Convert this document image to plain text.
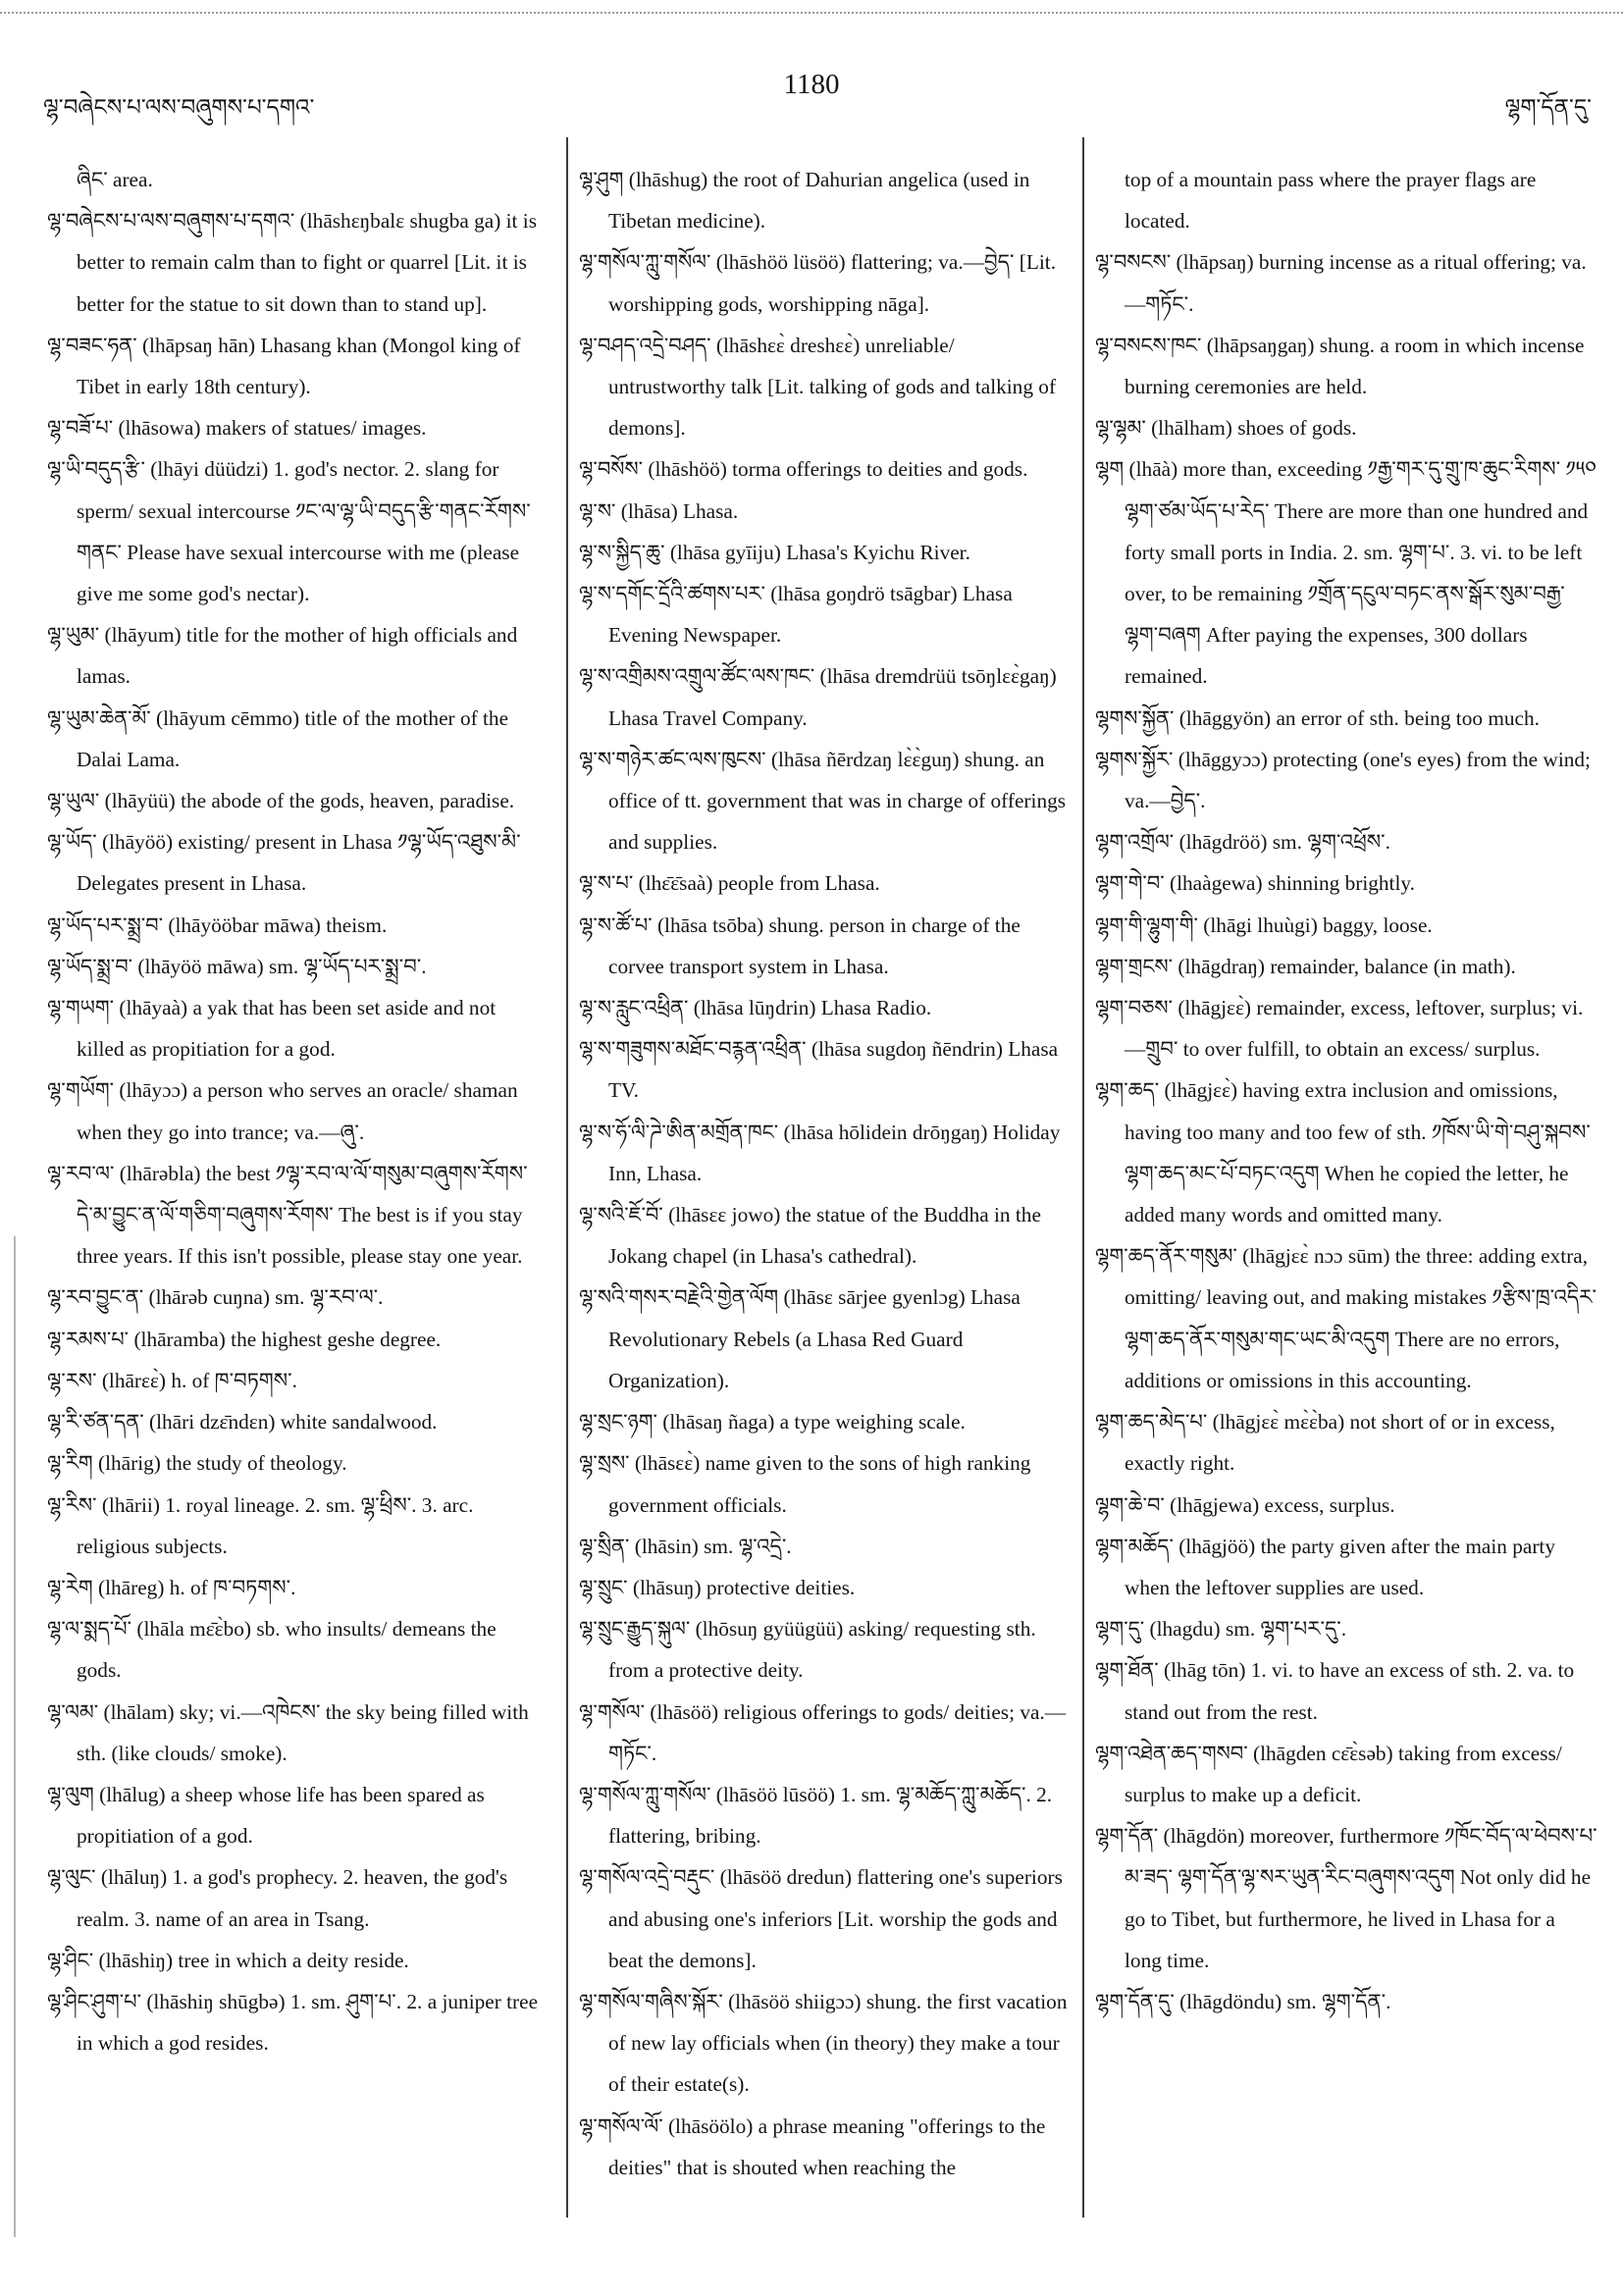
ལྷ་བཞེངས་པ་ལས་བཞུགས་པ་དགའ་
1180
ལྷག་དོན་དུ་

ཞིང་ area.

ལྷ་བཞེངས་པ་ལས་བཞུགས་པ་དགའ་ (lhāshɛŋbalɛ shugba ga) it is better to remain calm than to fight or quarrel [Lit. it is better for the statue to sit down than to stand up].

ལྷ་བཟང་ཧན་ (lhāpsaŋ hān) Lhasang khan (Mongol king of Tibet in early 18th century).

ལྷ་བཟོ་པ་ (lhāsowa) makers of statues/ images.

ལྷ་ཡི་བདུད་རྩི་ (lhāyi düüdzi) 1. god's nector. 2. slang for sperm/ sexual intercourse ༡ང་ལ་ལྷ་ཡི་བདུད་རྩི་གནང་རོགས་གནང་ Please have sexual intercourse with me (please give me some god's nectar).

ལྷ་ཡུམ་ (lhāyum) title for the mother of high officials and lamas.

ལྷ་ཡུམ་ཆེན་མོ་ (lhāyum cēmmo) title of the mother of the Dalai Lama.

ལྷ་ཡུལ་ (lhāyüü) the abode of the gods, heaven, paradise.

ལྷ་ཡོད་ (lhāyöö) existing/ present in Lhasa ༡ལྷ་ཡོད་འཐུས་མི་ Delegates present in Lhasa.

ལྷ་ཡོད་པར་སྨྲ་བ་ (lhāyööbar māwa) theism.

ལྷ་ཡོད་སྨྲ་བ་ (lhāyöö māwa) sm. ལྷ་ཡོད་པར་སྨྲ་བ་.

ལྷ་གཡག་ (lhāyaà) a yak that has been set aside and not killed as propitiation for a god.

ལྷ་གཡོག་ (lhāyɔɔ) a person who serves an oracle/ shaman when they go into trance; va.—ཞུ་.

ལྷ་རབ་ལ་ (lhārəbla) the best ༡ལྷ་རབ་ལ་ལོ་གསུམ་བཞུགས་རོགས་ དེ་མ་བྱུང་ན་ལོ་གཅིག་བཞུགས་རོགས་ The best is if you stay three years. If this isn't possible, please stay one year.

ལྷ་རབ་བྱུང་ན་ (lhārəb cuŋna) sm. ལྷ་རབ་ལ་.

ལྷ་རམས་པ་ (lhāramba) the highest geshe degree.

ལྷ་རས་ (lhārɛɛ̀) h. of ཁ་བཏགས་.

ལྷ་རི་ཙན་དན་ (lhāri dzɛ̄ndɛn) white sandalwood.

ལྷ་རིག (lhārig) the study of theology.

ལྷ་རིས་ (lhārii) 1. royal lineage. 2. sm. ལྷ་ཕྲིས་. 3. arc. religious subjects.

ལྷ་རེག (lhāreg) h. of ཁ་བཏགས་.

ལྷ་ལ་སྨད་པོ་ (lhāla mɛ̄ɛ̀bo) sb. who insults/ demeans the gods.

ལྷ་ལམ་ (lhālam) sky; vi.—འཁེངས་ the sky being filled with sth. (like clouds/ smoke).

ལྷ་ལུག (lhālug) a sheep whose life has been spared as propitiation of a god.

ལྷ་ལུང་ (lhāluŋ) 1. a god's prophecy. 2. heaven, the god's realm. 3. name of an area in Tsang.

ལྷ་ཤིང་ (lhāshiŋ) tree in which a deity reside.

ལྷ་ཤིང་ཤུག་པ་ (lhāshiŋ shūgbə) 1. sm. ཤུག་པ་. 2. a juniper tree in which a god resides.

ལྷ་ཤུག (lhāshug) the root of Dahurian angelica (used in Tibetan medicine).

ལྷ་གསོལ་ཀླུ་གསོལ་ (lhāshöö lüsöö) flattering; va.—བྱེད་ [Lit. worshipping gods, worshipping nāga].

ལྷ་བཤད་འདྲེ་བཤད་ (lhāshɛɛ̀ dreshɛɛ̀) unreliable/ untrustworthy talk [Lit. talking of gods and talking of demons].

ལྷ་བསོས་ (lhāshöö) torma offerings to deities and gods.

ལྷ་ས་ (lhāsa) Lhasa.

ལྷ་ས་སྐྱིད་ཆུ་ (lhāsa gyīiju) Lhasa's Kyichu River.

ལྷ་ས་དགོང་དྲོའི་ཚགས་པར་ (lhāsa goŋdrö tsāgbar) Lhasa Evening Newspaper.

ལྷ་ས་འགྲིམས་འགྲུལ་ཚོང་ལས་ཁང་ (lhāsa dremdrüü tsōŋlɛɛ̀gaŋ) Lhasa Travel Company.

ལྷ་ས་གཉེར་ཚང་ལས་ཁུངས་ (lhāsa ñērdzaŋ lɛ̀ɛ̀guŋ) shung. an office of tt. government that was in charge of offerings and supplies.

ལྷ་ས་པ་ (lhɛ̄ɛ̄saà) people from Lhasa.

ལྷ་ས་ཚོ་པ་ (lhāsa tsōba) shung. person in charge of the corvee transport system in Lhasa.

ལྷ་ས་རླུང་འཕྲིན་ (lhāsa lūŋdrin) Lhasa Radio.

ལྷ་ས་གཟུགས་མཐོང་བརྙན་འཕྲིན་ (lhāsa sugdoŋ ñēndrin) Lhasa TV.

ལྷ་ས་ཧོ་ལི་ཌེ་ཨིན་མགྲོན་ཁང་ (lhāsa hōlidein drōŋgaŋ) Holiday Inn, Lhasa.

ལྷ་སའི་ཇོ་བོ་ (lhāsɛɛ jowo) the statue of the Buddha in the Jokang chapel (in Lhasa's cathedral).

ལྷ་སའི་གསར་བརྗེའི་གྱེན་ལོག (lhāsɛ sārjee gyenlɔg) Lhasa Revolutionary Rebels (a Lhasa Red Guard Organization).

ལྷ་སྲང་ཉག་ (lhāsaŋ ñaga) a type weighing scale.

ལྷ་སྲས་ (lhāsɛɛ̀) name given to the sons of high ranking government officials.

ལྷ་སྲིན་ (lhāsin) sm. ལྷ་འདྲེ་.

ལྷ་སྲུང་ (lhāsuŋ) protective deities.

ལྷ་སྲུང་རྒྱུད་སྐུལ་ (lhōsuŋ gyüügüü) asking/ requesting sth. from a protective deity.

ལྷ་གསོལ་ (lhāsöö) religious offerings to gods/ deities; va.—གཏོང་.

ལྷ་གསོལ་ཀླུ་གསོལ་ (lhāsöö lūsöö) 1. sm. ལྷ་མཆོད་ཀླུ་མཆོད་. 2. flattering, bribing.

ལྷ་གསོལ་འདྲེ་བརྡུང་ (lhāsöö dredun) flattering one's superiors and abusing one's inferiors [Lit. worship the gods and beat the demons].

ལྷ་གསོལ་གཞིས་སྐོར་ (lhāsöö shiigɔɔ) shung. the first vacation of new lay officials when (in theory) they make a tour of their estate(s).

ལྷ་གསོལ་ལོ་ (lhāsöölo) a phrase meaning "offerings to the deities" that is shouted when reaching the

top of a mountain pass where the prayer flags are located.

ལྷ་བསངས་ (lhāpsaŋ) burning incense as a ritual offering; va.—གཏོང་.

ལྷ་བསངས་ཁང་ (lhāpsaŋgaŋ) shung. a room in which incense burning ceremonies are held.

ལྷ་ལྷམ་ (lhālham) shoes of gods.

ལྷག (lhāà) more than, exceeding ༡རྒྱ་གར་དུ་གྲུ་ཁ་ཆུང་རིགས་ ༡༥༠ ལྷག་ཙམ་ཡོད་པ་རེད་ There are more than one hundred and forty small ports in India. 2. sm. ལྷག་པ་. 3. vi. to be left over, to be remaining ༡གྲོན་དངུལ་བཏང་ནས་སྒོར་སུམ་བརྒྱ་ལྷག་བཞག After paying the expenses, 300 dollars remained.

ལྷགས་སྐྱོན་ (lhāggyön) an error of sth. being too much.

ལྷགས་སྐྱོར་ (lhāggyɔɔ) protecting (one's eyes) from the wind; va.—བྱེད་.

ལྷག་འགྲོལ་ (lhāgdröö) sm. ལྷག་འཕྲོས་.

ལྷག་གེ་བ་ (lhaàgewa) shinning brightly.

ལྷག་གི་ལྷུག་གི་ (lhāgi lhuùgi) baggy, loose.

ལྷག་གྲངས་ (lhāgdraŋ) remainder, balance (in math).

ལྷག་བཅས་ (lhāgjɛɛ̀) remainder, excess, leftover, surplus; vi.—གྲུབ་ to over fulfill, to obtain an excess/ surplus.

ལྷག་ཆད་ (lhāgjɛɛ̀) having extra inclusion and omissions, having too many and too few of sth. ༡ཁོས་ཡི་གེ་བཤུ་སྐབས་ལྷག་ཆད་མང་པོ་བཏང་འདུག When he copied the letter, he added many words and omitted many.

ལྷག་ཆད་ནོར་གསུམ་ (lhāgjɛɛ̀ nɔɔ sūm) the three: adding extra, omitting/ leaving out, and making mistakes ༡རྩིས་ཁྲ་འདིར་ལྷག་ཆད་ནོར་གསུམ་གང་ཡང་མི་འདུག There are no errors, additions or omissions in this accounting.

ལྷག་ཆད་མེད་པ་ (lhāgjɛɛ̀ mɛ̀ɛ̀ba) not short of or in excess, exactly right.

ལྷག་ཆེ་བ་ (lhāgjewa) excess, surplus.

ལྷག་མཆོད་ (lhāgjöö) the party given after the main party when the leftover supplies are used.

ལྷག་དུ་ (lhagdu) sm. ལྷག་པར་དུ་.

ལྷག་ཐོན་ (lhāg tōn) 1. vi. to have an excess of sth. 2. va. to stand out from the rest.

ལྷག་འཐེན་ཆད་གསབ་ (lhāgden cɛ̄ɛ̀səb) taking from excess/ surplus to make up a deficit.

ལྷག་དོན་ (lhāgdön) moreover, furthermore ༡ཁོང་བོད་ལ་ཕེབས་པ་མ་ཟད་ ལྷག་དོན་ལྷ་སར་ཡུན་རིང་བཞུགས་འདུག Not only did he go to Tibet, but furthermore, he lived in Lhasa for a long time.

ལྷག་དོན་དུ་ (lhāgdöndu) sm. ལྷག་དོན་.
